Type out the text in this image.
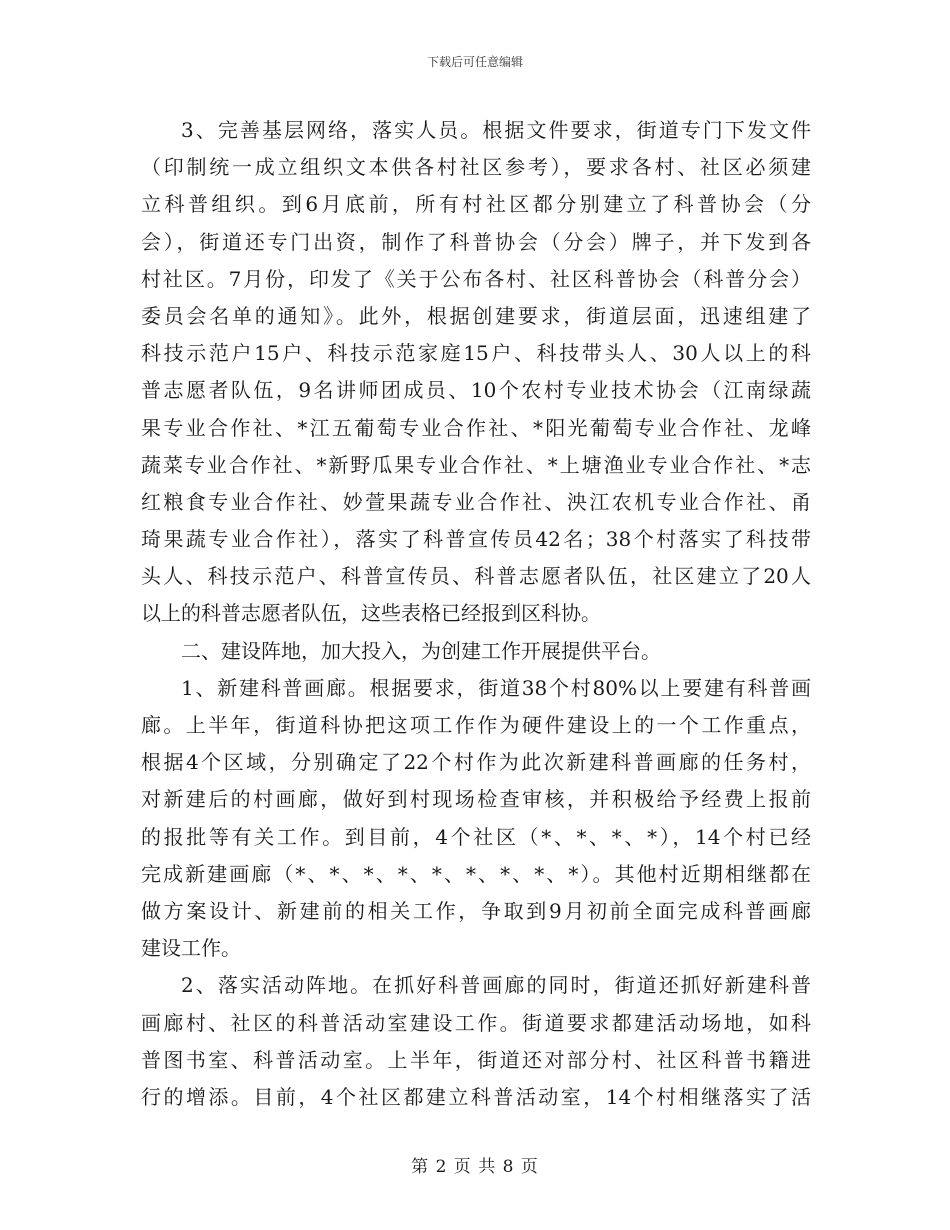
下载后可任意编辑
3、完善基层网络，落实人员。根据文件要求，街道专门下发文件
（印制统一成立组织文本供各村社区参考），要求各村、社区必须建
立科普组织。到6月底前，所有村社区都分别建立了科普协会（分
会），街道还专门出资，制作了科普协会（分会）牌子，并下发到各
村社区。7月份，印发了《关于公布各村、社区科普协会（科普分会）
委员会名单的通知》。此外，根据创建要求，街道层面，迅速组建了
科技示范户15户、科技示范家庭15户、科技带头人、30人以上的科
普志愿者队伍，9名讲师团成员、10个农村专业技术协会（江南绿蔬
果专业合作社、*江五葡萄专业合作社、*阳光葡萄专业合作社、龙峰
蔬菜专业合作社、*新野瓜果专业合作社、*上塘渔业专业合作社、*志
红粮食专业合作社、妙萱果蔬专业合作社、泱江农机专业合作社、甬
琦果蔬专业合作社），落实了科普宣传员42名；38个村落实了科技带
头人、科技示范户、科普宣传员、科普志愿者队伍，社区建立了20人
以上的科普志愿者队伍，这些表格已经报到区科协。
二、建设阵地，加大投入，为创建工作开展提供平台。
1、新建科普画廊。根据要求，街道38个村80%以上要建有科普画
廊。上半年，街道科协把这项工作作为硬件建设上的一个工作重点，
根据4个区域，分别确定了22个村作为此次新建科普画廊的任务村，
对新建后的村画廊，做好到村现场检查审核，并积极给予经费上报前
的报批等有关工作。到目前，4个社区（*、*、*、*），14个村已经
完成新建画廊（*、*、*、*、*、*、*、*、*）。其他村近期相继都在
做方案设计、新建前的相关工作，争取到9月初前全面完成科普画廊
建设工作。
2、落实活动阵地。在抓好科普画廊的同时，街道还抓好新建科普
画廊村、社区的科普活动室建设工作。街道要求都建活动场地，如科
普图书室、科普活动室。上半年，街道还对部分村、社区科普书籍进
行的增添。目前，4个社区都建立科普活动室，14个村相继落实了活
第 2 页 共 8 页
